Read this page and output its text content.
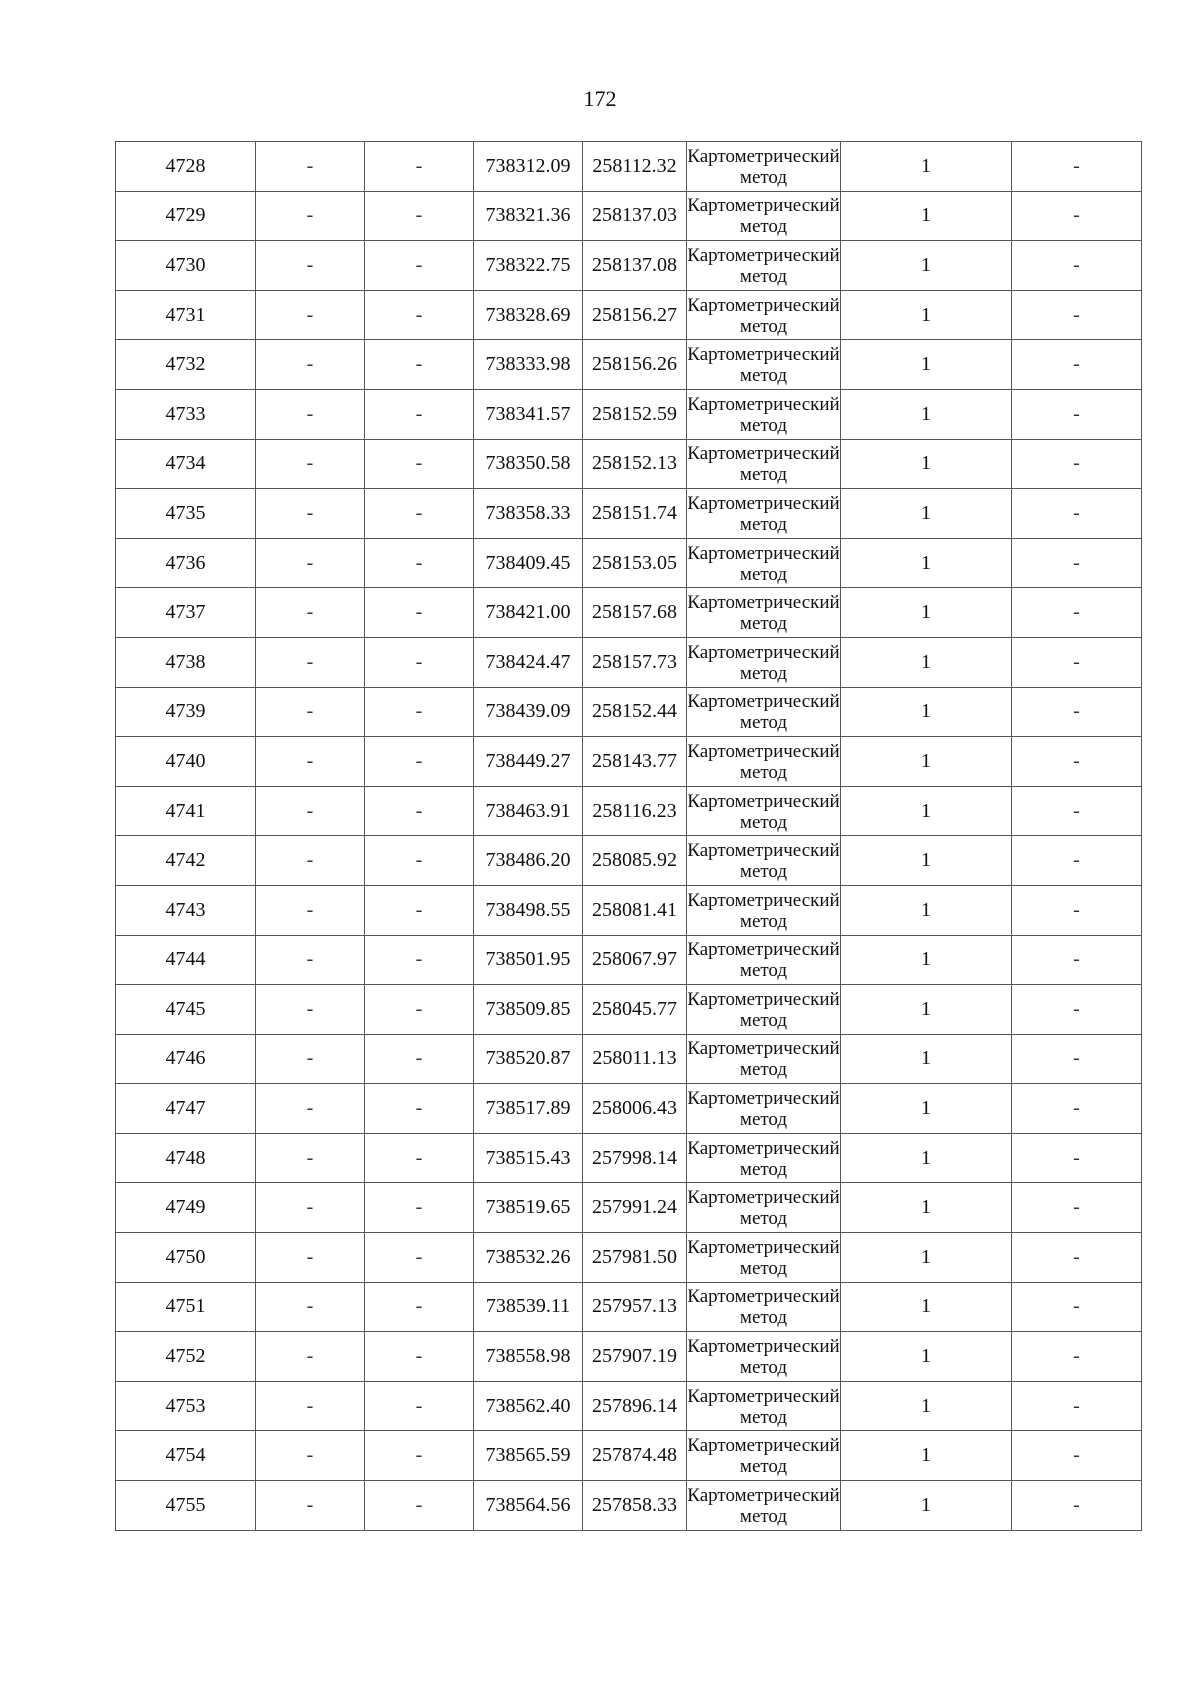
172
4728	-	-	738312.09	258112.32	Картометрический метод	1	-
4729	-	-	738321.36	258137.03	Картометрический метод	1	-
4730	-	-	738322.75	258137.08	Картометрический метод	1	-
4731	-	-	738328.69	258156.27	Картометрический метод	1	-
4732	-	-	738333.98	258156.26	Картометрический метод	1	-
4733	-	-	738341.57	258152.59	Картометрический метод	1	-
4734	-	-	738350.58	258152.13	Картометрический метод	1	-
4735	-	-	738358.33	258151.74	Картометрический метод	1	-
4736	-	-	738409.45	258153.05	Картометрический метод	1	-
4737	-	-	738421.00	258157.68	Картометрический метод	1	-
4738	-	-	738424.47	258157.73	Картометрический метод	1	-
4739	-	-	738439.09	258152.44	Картометрический метод	1	-
4740	-	-	738449.27	258143.77	Картометрический метод	1	-
4741	-	-	738463.91	258116.23	Картометрический метод	1	-
4742	-	-	738486.20	258085.92	Картометрический метод	1	-
4743	-	-	738498.55	258081.41	Картометрический метод	1	-
4744	-	-	738501.95	258067.97	Картометрический метод	1	-
4745	-	-	738509.85	258045.77	Картометрический метод	1	-
4746	-	-	738520.87	258011.13	Картометрический метод	1	-
4747	-	-	738517.89	258006.43	Картометрический метод	1	-
4748	-	-	738515.43	257998.14	Картометрический метод	1	-
4749	-	-	738519.65	257991.24	Картометрический метод	1	-
4750	-	-	738532.26	257981.50	Картометрический метод	1	-
4751	-	-	738539.11	257957.13	Картометрический метод	1	-
4752	-	-	738558.98	257907.19	Картометрический метод	1	-
4753	-	-	738562.40	257896.14	Картометрический метод	1	-
4754	-	-	738565.59	257874.48	Картометрический метод	1	-
4755	-	-	738564.56	257858.33	Картометрический метод	1	-
